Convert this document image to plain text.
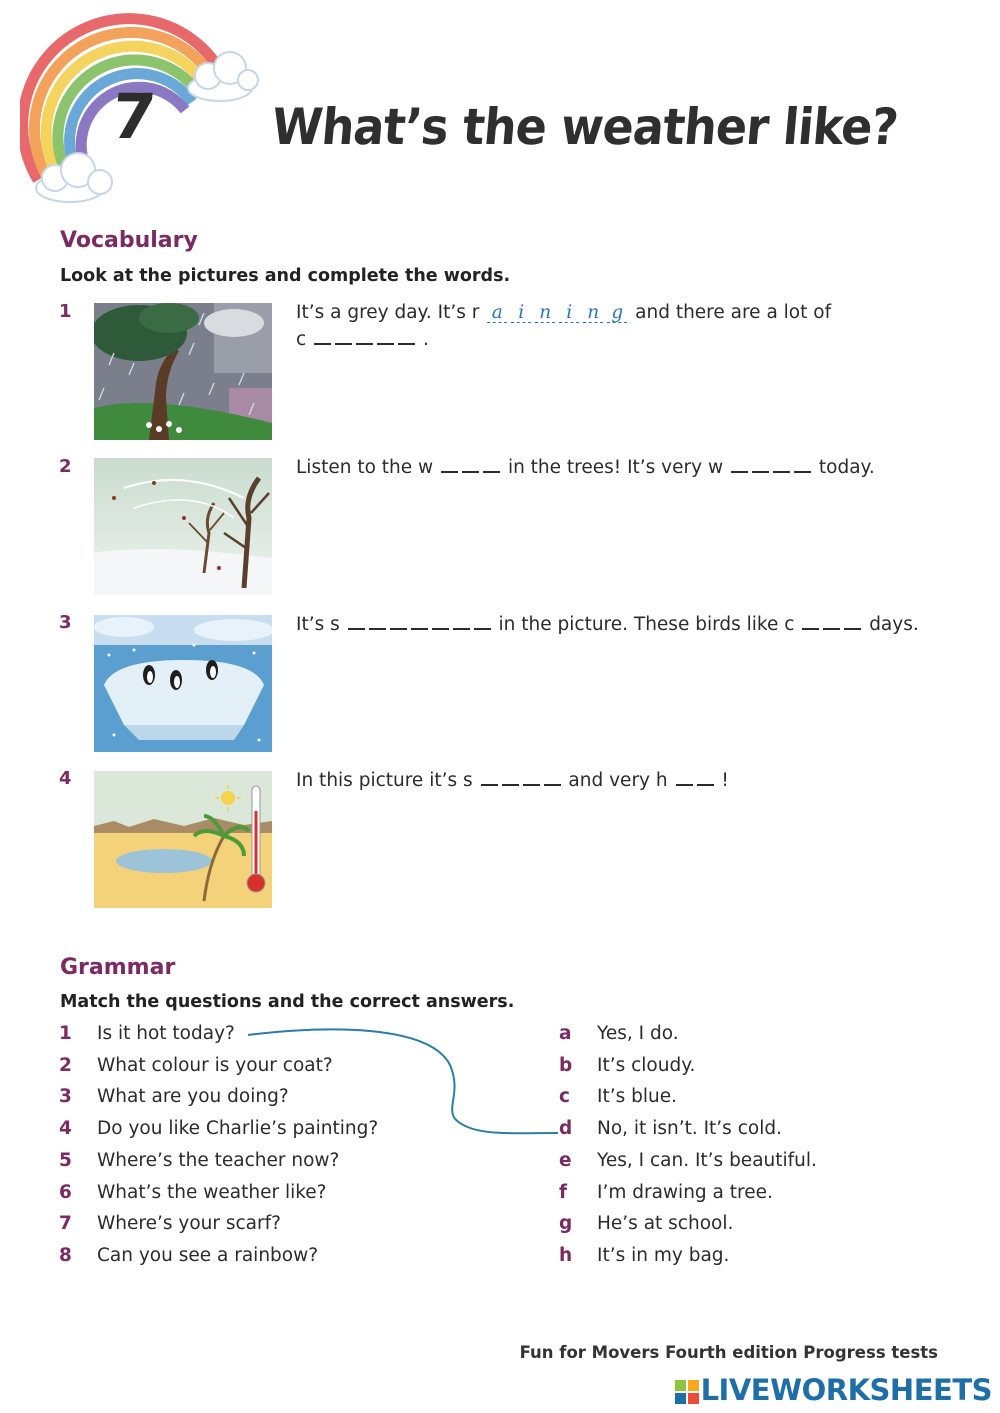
7 What’s the weather like?
Vocabulary
Look at the pictures and complete the words.
1	It’s a grey day. It’s r a i n i n g and there are a lot of
c	.
2	Listen to the w	in the trees! It’s very w	today.
3	It’s s	in the picture. These birds like c	days.
4	In this picture it’s s	and very h	!
Grammar
Match the questions and the correct answers.
1 Is it hot today?
2 What colour is your coat?
3 What are you doing?
4 Do you like Charlie’s painting?
5 Where’s the teacher now?
6 What’s the weather like?
7 Where’s your scarf?
8 Can you see a rainbow?
a Yes, I do.
b It’s cloudy.
c It’s blue.
d No, it isn’t. It’s cold.
e Yes, I can. It’s beautiful.
f I’m drawing a tree.
g He’s at school.
h It’s in my bag.
Fun for Movers Fourth edition Progress tests
LIVEWORKSHEETS
